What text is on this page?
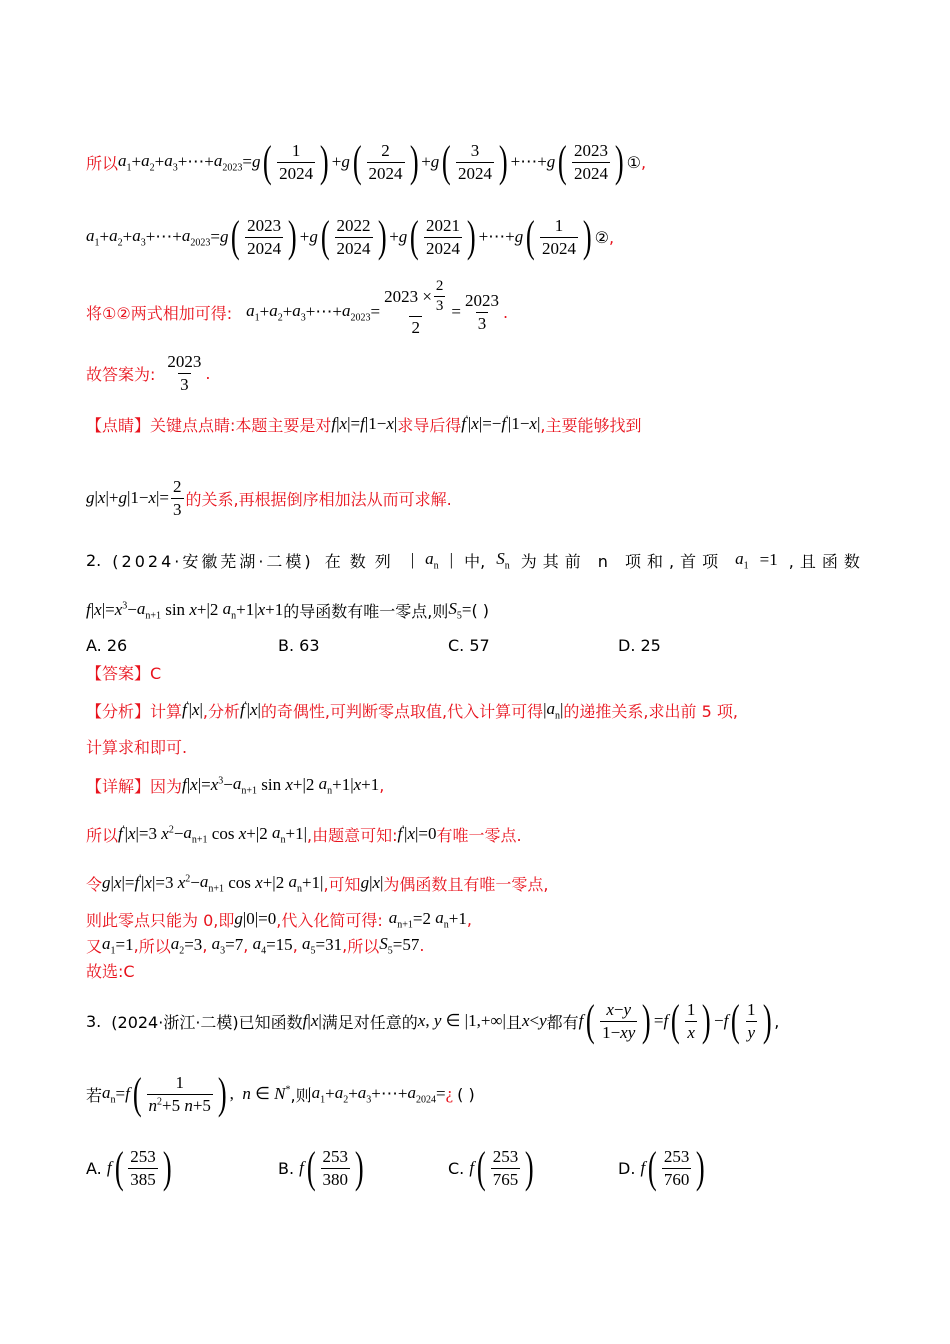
所以 $a_1 + a_2 + a_3$ +⋯+ $a_{2023} = g$ ( $\frac{1}{2024}$
) + g ( $\frac{2}{2024}$
) + g ( $\frac{3}{2024}$
) +⋯+ g ( $\frac{2023}{2024}$
) ① ,
$a_1 + a_2 + a_3$ +⋯+ $a_{2023} = g$ ( $\frac{2023}{2024}$
) + g ( $\frac{2022}{2024}$
) + g ( $\frac{2021}{2024}$
) +⋯+ g ( $\frac{1}{2024}$
) ② ,
将①②两式相加可得: $a_1 + a_2 + a_3$ +⋯+ $a_{2023} = \frac{2023 \times \frac{2}{3}}{2} = \frac{2023}{3}$ .
故答案为: $\frac{2023}{3}$ .
【点睛】关键点点睛:本题主要是对 f | x |= f |1− x | 求导后得 f' | x |=− f' |1− x | ,主要能够找到
g | x |+ g |1− x |= $\frac{2}{3}$ 的关系,再根据倒序相加法从而可求解.
2. (2024·安徽芜湖·二模) 在数列 | $a_n$ | 中, $S_n$ 为其前 n 项和,首项 $a_1 =1$ ,且函数
f | x |= $x^3 - a_{n+1}$ sin x +|2 $a_n +1|$ x +1 的导函数有唯一零点,则 $S_5$ = ( )
A.
26	B.
63	C.
57	D.
25
【答案】C
【分析】计算 f' | x | ,分析 f' | x | 的奇偶性,可判断零点取值,代入计算可得 | $a_n$ | 的递推关系,求出前 5 项,
计算求和即可.
【详解】因为 f | x |= $x^3 - a_{n+1}$ sin x +|2 $a_n +1|$ x +1 ,
所以 f' | x |=3 $x^2 - a_{n+1}$ cos x +|2 $a_n +1|$ ,由题意可知: f' | x |=0 有唯一零点.
令 g | x |= f' | x |=3 $x^2 - a_{n+1}$ cos x +|2 $a_n +1|$ ,可知 g | x | 为偶函数且有唯一零点,
则此零点只能为 0,即 g |0|=0 ,代入化简可得: $a_{n+1} =2$ $a_n +1$ ,
又 $a_1 =1$ , 所以 $a_2 =3$ , $a_3 =7$ , $a_4 =15$ , $a_5 =31$ , 所以 $S_5 =57$ .
故选:C
3. (2024·浙江·二模) 已知函数 f | x | 满足对任意的 x , y ∈ |1,+∞| 且 x < y 都有 f ( $\frac{x-y}{1-xy}$
) = f ( $\frac{1}{x}$
) − f ( $\frac{1}{y}$
) ,
若 $a_n = f$ ( $\frac{1}{n^2+5 n+5}$
) , n ∈ N* ,则 $a_1 + a_2 + a_3$ +⋯+ $a_{2024}$ = ¿ ( )
A.
f ( $\frac{253}{385}$
)	B.
f ( $\frac{253}{380}$
)	C.
f ( $\frac{253}{765}$
)	D.
f ( $\frac{253}{760}$
)
